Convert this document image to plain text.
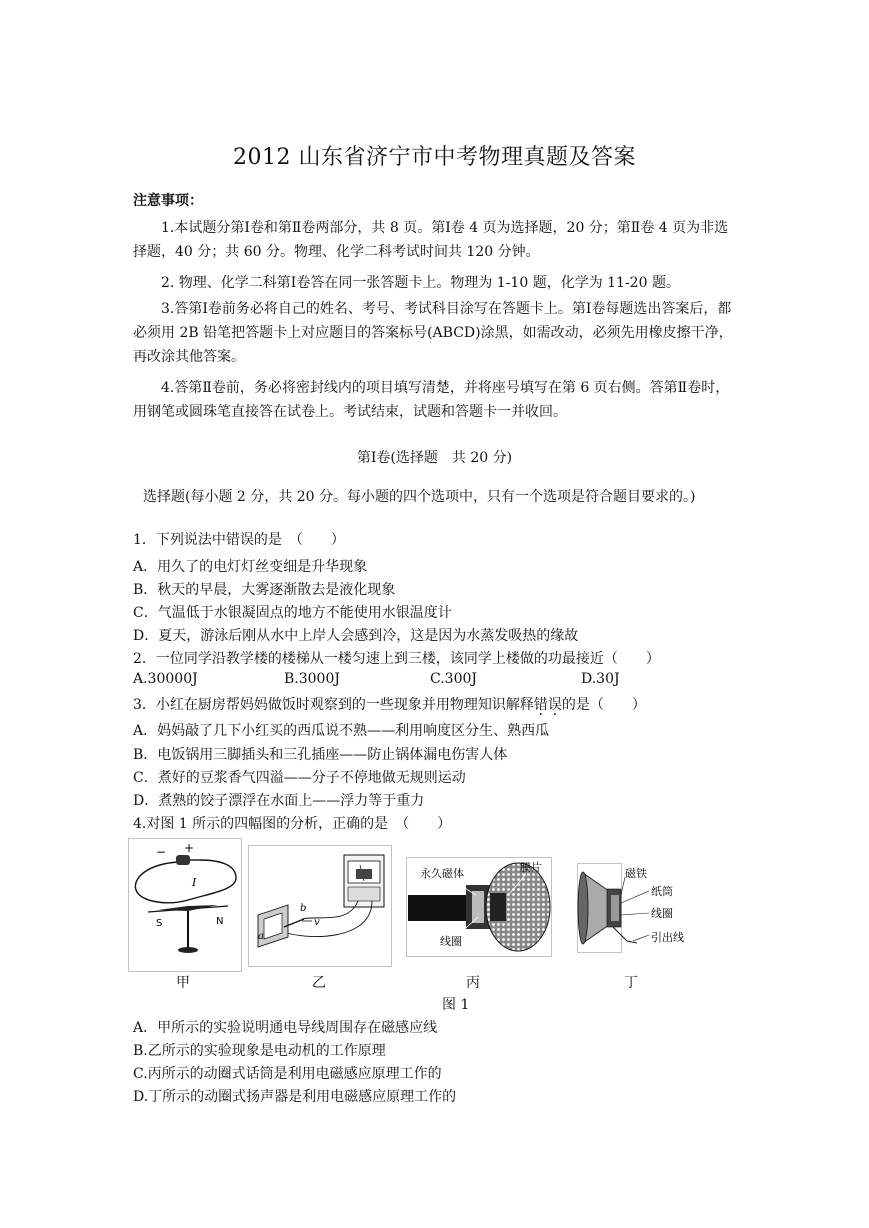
2012 山东省济宁市中考物理真题及答案
注意事项：
1.本试题分第Ⅰ卷和第Ⅱ卷两部分，共 8 页。第Ⅰ卷 4 页为选择题，20 分；第Ⅱ卷 4 页为非选择题，40 分；共 60 分。物理、化学二科考试时间共 120 分钟。
2. 物理、化学二科第Ⅰ卷答在同一张答题卡上。物理为 1-10 题，化学为 11-20 题。
3.答第Ⅰ卷前务必将自己的姓名、考号、考试科目涂写在答题卡上。第Ⅰ卷每题选出答案后，都必须用 2B 铅笔把答题卡上对应题目的答案标号(ABCD)涂黑，如需改动，必须先用橡皮擦干净，再改涂其他答案。
4.答第Ⅱ卷前，务必将密封线内的项目填写清楚，并将座号填写在第 6 页右侧。答第Ⅱ卷时，用钢笔或圆珠笔直接答在试卷上。考试结束，试题和答题卡一并收回。
第Ⅰ卷(选择题　共 20 分)
选择题(每小题 2 分，共 20 分。每小题的四个选项中，只有一个选项是符合题目要求的。)
1．下列说法中错误的是　（　　）
A．用久了的电灯灯丝变细是升华现象
B．秋天的早晨，大雾逐渐散去是液化现象
C．气温低于水银凝固点的地方不能使用水银温度计
D．夏天，游泳后刚从水中上岸人会感到冷，这是因为水蒸发吸热的缘故
2．一位同学沿教学楼的楼梯从一楼匀速上到三楼，该同学上楼做的功最接近（　　）
A.30000J	B.3000J	C.300J	D.30J
3．小红在厨房帮妈妈做饭时观察到的一些现象并用物理知识解释错误的是（　　）
A．妈妈敲了几下小红买的西瓜说不熟——利用响度区分生、熟西瓜
B．电饭锅用三脚插头和三孔插座——防止锅体漏电伤害人体
C．煮好的豆浆香气四溢——分子不停地做无规则运动
D．煮熟的饺子漂浮在水面上——浮力等于重力
4.对图 1 所示的四幅图的分析，正确的是　（　　）
− +
I
S	N
b
a
v
永久磁体	膜片
线圈
磁铁
纸筒
线圈
引出线
甲	乙	丙	丁
图 1
A．甲所示的实验说明通电导线周围存在磁感应线
B.乙所示的实验现象是电动机的工作原理
C.丙所示的动圈式话筒是利用电磁感应原理工作的
D.丁所示的动圈式扬声器是利用电磁感应原理工作的
